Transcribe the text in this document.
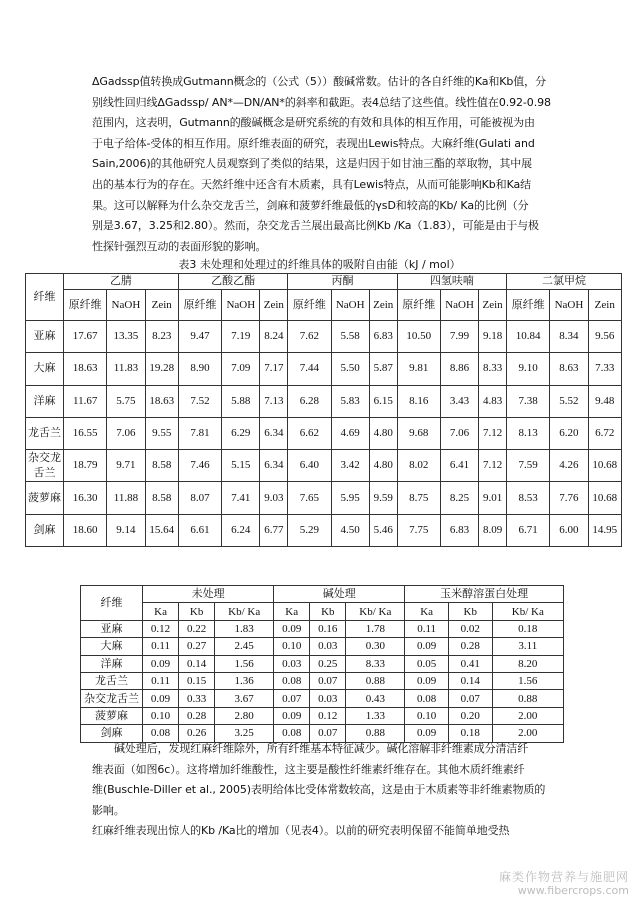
ΔGadssp值转换成Gutmann概念的（公式（5））酸碱常数。估计的各自纤维的Ka和Kb值，分

别线性回归线ΔGadssp/ AN*—DN/AN*的斜率和截距。表4总结了这些值。线性值在0.92-0.98

范围内，这表明，Gutmann的酸碱概念是研究系统的有效和具体的相互作用，可能被视为由

于电子给体-受体的相互作用。原纤维表面的研究，表现出Lewis特点。大麻纤维(Gulati and

Sain,2006)的其他研究人员观察到了类似的结果，这是归因于如甘油三酯的萃取物，其中展

出的基本行为的存在。天然纤维中还含有木质素，具有Lewis特点，从而可能影响Kb和Ka结

果。这可以解释为什么杂交龙舌兰，剑麻和菠萝纤维最低的γsD和较高的Kb/ Ka的比例（分

别是3.67，3.25和2.80）。然而，杂交龙舌兰展出最高比例Kb /Ka（1.83），可能是由于与极

性探针强烈互动的表面形貌的影响。

表3 未处理和处理过的纤维具体的吸附自由能（kJ / mol）
纤维	乙腈			乙酸乙酯			丙酮			四氢呋喃			二氯甲烷		
	原纤维	NaOH	Zein	原纤维	NaOH	Zein	原纤维	NaOH	Zein	原纤维	NaOH	Zein	原纤维	NaOH	Zein
亚麻	17.67	13.35	8.23	9.47	7.19	8.24	7.62	5.58	6.83	10.50	7.99	9.18	10.84	8.34	9.56
大麻	18.63	11.83	19.28	8.90	7.09	7.17	7.44	5.50	5.87	9.81	8.86	8.33	9.10	8.63	7.33
洋麻	11.67	5.75	18.63	7.52	5.88	7.13	6.28	5.83	6.15	8.16	3.43	4.83	7.38	5.52	9.48
龙舌兰	16.55	7.06	9.55	7.81	6.29	6.34	6.62	4.69	4.80	9.68	7.06	7.12	8.13	6.20	6.72
杂交龙舌兰	18.79	9.71	8.58	7.46	5.15	6.34	6.40	3.42	4.80	8.02	6.41	7.12	7.59	4.26	10.68
菠萝麻	16.30	11.88	8.58	8.07	7.41	9.03	7.65	5.95	9.59	8.75	8.25	9.01	8.53	7.76	10.68
剑麻	18.60	9.14	15.64	6.61	6.24	6.77	5.29	4.50	5.46	7.75	6.83	8.09	6.71	6.00	14.95
纤维	未处理			碱处理			玉米醇溶蛋白处理		
	Ka	Kb	Kb/ Ka	Ka	Kb	Kb/ Ka	Ka	Kb	Kb/ Ka
亚麻	0.12	0.22	1.83	0.09	0.16	1.78	0.11	0.02	0.18
大麻	0.11	0.27	2.45	0.10	0.03	0.30	0.09	0.28	3.11
洋麻	0.09	0.14	1.56	0.03	0.25	8.33	0.05	0.41	8.20
龙舌兰	0.11	0.15	1.36	0.08	0.07	0.88	0.09	0.14	1.56
杂交龙舌兰	0.09	0.33	3.67	0.07	0.03	0.43	0.08	0.07	0.88
菠萝麻	0.10	0.28	2.80	0.09	0.12	1.33	0.10	0.20	2.00
剑麻	0.08	0.26	3.25	0.08	0.07	0.88	0.09	0.18	2.00

碱处理后，发现红麻纤维除外，所有纤维基本特征减少。碱化溶解非纤维素成分清洁纤

维表面（如图6c）。这将增加纤维酸性，这主要是酸性纤维素纤维存在。其他木质纤维素纤

维(Buschle-Diller et al., 2005)表明给体比受体常数较高，这是由于木质素等非纤维素物质的

影响。

红麻纤维表现出惊人的Kb /Ka比的增加（见表4）。以前的研究表明保留不能简单地受热

麻类作物营养与施肥网
www.fibercrops.com
